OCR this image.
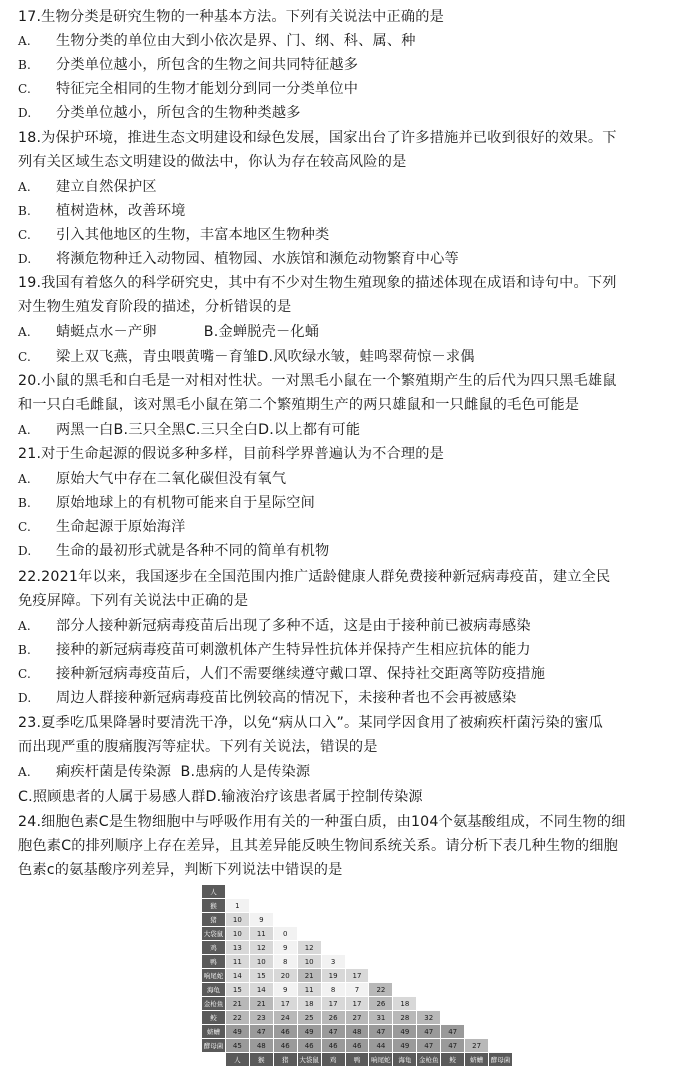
17.生物分类是研究生物的一种基本方法。下列有关说法中正确的是
A. 生物分类的单位由大到小依次是界、门、纲、科、属、种
B. 分类单位越小，所包含的生物之间共同特征越多
C. 特征完全相同的生物才能划分到同一分类单位中
D. 分类单位越小，所包含的生物种类越多
18.为保护环境，推进生态文明建设和绿色发展，国家出台了许多措施并已收到很好的效果。下
列有关区域生态文明建设的做法中，你认为存在较高风险的是
A. 建立自然保护区
B. 植树造林，改善环境
C. 引入其他地区的生物，丰富本地区生物种类
D. 将濒危物种迁入动物园、植物园、水族馆和濒危动物繁育中心等
19.我国有着悠久的科学研究史，其中有不少对生物生殖现象的描述体现在成语和诗句中。下列
对生物生殖发育阶段的描述，分析错误的是
A. 蜻蜓点水－产卵          B.金蝉脱壳－化蛹
C. 梁上双飞燕，青虫喂黄嘴－育雏D.风吹绿水皱，蛙鸣翠荷惊－求偶
20.小鼠的黑毛和白毛是一对相对性状。一对黑毛小鼠在一个繁殖期产生的后代为四只黑毛雄鼠
和一只白毛雌鼠，该对黑毛小鼠在第二个繁殖期生产的两只雄鼠和一只雌鼠的毛色可能是
A. 两黑一白B.三只全黑C.三只全白D.以上都有可能
21.对于生命起源的假说多种多样，目前科学界普遍认为不合理的是
A. 原始大气中存在二氧化碳但没有氧气
B. 原始地球上的有机物可能来自于星际空间
C. 生命起源于原始海洋
D. 生命的最初形式就是各种不同的简单有机物
22.2021年以来，我国逐步在全国范围内推广适龄健康人群免费接种新冠病毒疫苗，建立全民
免疫屏障。下列有关说法中正确的是
A. 部分人接种新冠病毒疫苗后出现了多种不适，这是由于接种前已被病毒感染
B. 接种的新冠病毒疫苗可刺激机体产生特异性抗体并保持产生相应抗体的能力
C. 接种新冠病毒疫苗后，人们不需要继续遵守戴口罩、保持社交距离等防疫措施
D. 周边人群接种新冠病毒疫苗比例较高的情况下，未接种者也不会再被感染
23.夏季吃瓜果降暑时要清洗干净，以免“病从口入”。某同学因食用了被痢疾杆菌污染的蜜瓜
而出现严重的腹痛腹泻等症状。下列有关说法，错误的是
A. 痢疾杆菌是传染源  B.患病的人是传染源
C.照顾患者的人属于易感人群D.输液治疗该患者属于控制传染源
24.细胞色素C是生物细胞中与呼吸作用有关的一种蛋白质，由104个氨基酸组成，不同生物的细
胞色素C的排列顺序上存在差异，且其差异能反映生物间系统关系。请分析下表几种生物的细胞
色素c的氨基酸序列差异，判断下列说法中错误的是
人												
猴	1											
猪	10	9										
大袋鼠	10	11	0									
鸡	13	12	9	12								
鸭	11	10	8	10	3							
响尾蛇	14	15	20	21	19	17						
海龟	15	14	9	11	8	7	22					
金枪鱼	21	21	17	18	17	17	26	18				
鲛	22	23	24	25	26	27	31	28	32			
蛴螬	49	47	46	49	47	48	47	49	47	47		
酵母菌	45	48	46	46	46	46	44	49	47	47	27	
	人	猴	猪	大袋鼠	鸡	鸭	响尾蛇	海龟	金枪鱼	鲛	蛴螬	酵母菌
